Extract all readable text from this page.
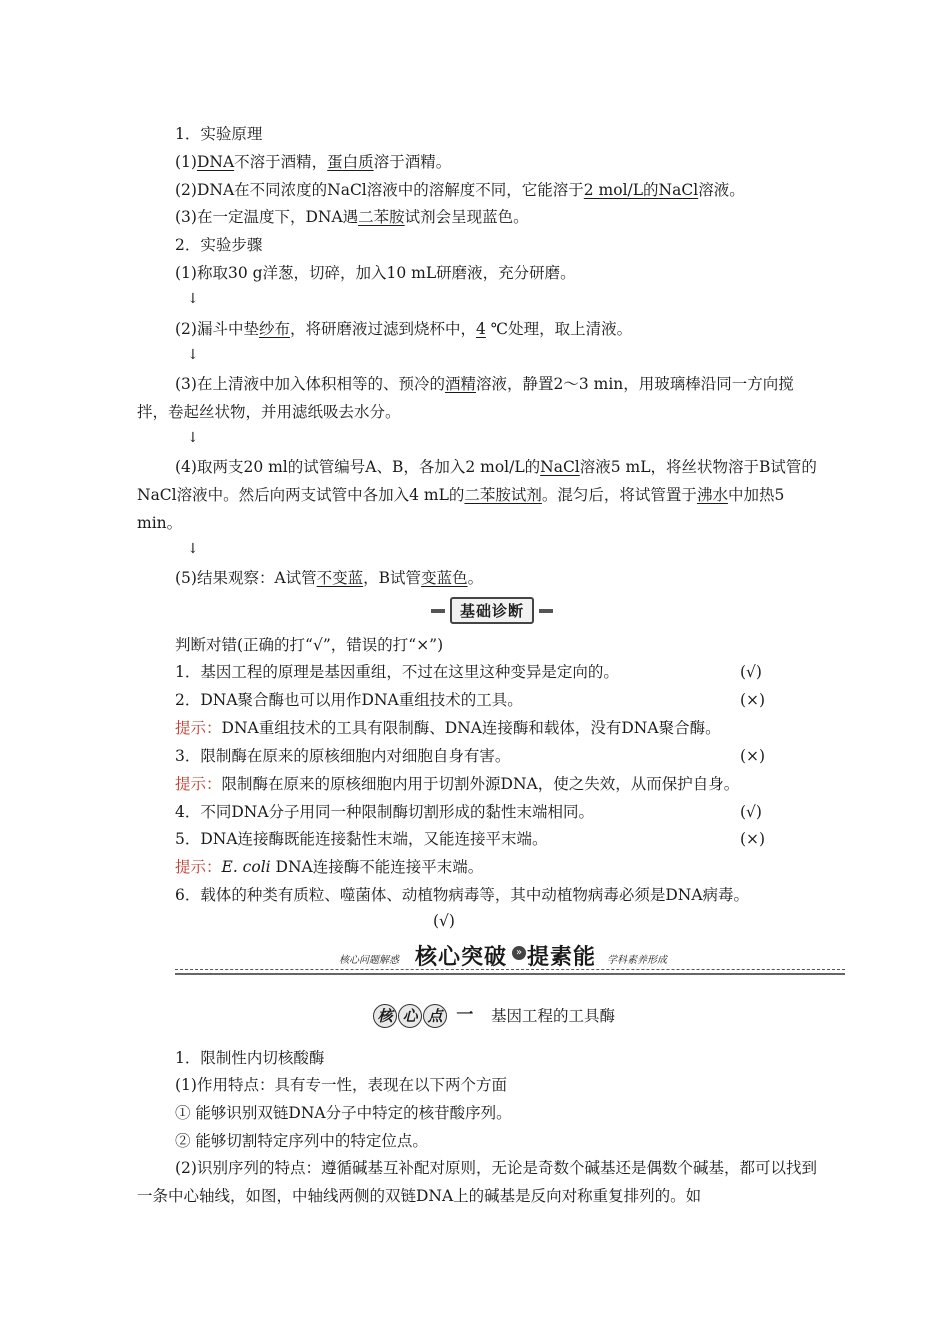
1．实验原理
(1)DNA不溶于酒精，蛋白质溶于酒精。
(2)DNA在不同浓度的NaCl溶液中的溶解度不同，它能溶于2 mol/L的NaCl溶液。
(3)在一定温度下，DNA遇二苯胺试剂会呈现蓝色。
2．实验步骤
(1)称取30 g洋葱，切碎，加入10 mL研磨液，充分研磨。
↓
(2)漏斗中垫纱布，将研磨液过滤到烧杯中，4 ℃处理，取上清液。
↓
(3)在上清液中加入体积相等的、预冷的酒精溶液，静置2～3 min，用玻璃棒沿同一方向搅拌，卷起丝状物，并用滤纸吸去水分。
↓
(4)取两支20 ml的试管编号A、B，各加入2 mol/L的NaCl溶液5 mL，将丝状物溶于B试管的NaCl溶液中。然后向两支试管中各加入4 mL的二苯胺试剂。混匀后，将试管置于沸水中加热5 min。
↓
(5)结果观察：A试管不变蓝，B试管变蓝色。
基础诊断
判断对错(正确的打“√”，错误的打“×”)
1．基因工程的原理是基因重组，不过在这里这种变异是定向的。	(√)
2．DNA聚合酶也可以用作DNA重组技术的工具。	(×)
提示：DNA重组技术的工具有限制酶、DNA连接酶和载体，没有DNA聚合酶。
3．限制酶在原来的原核细胞内对细胞自身有害。	(×)
提示：限制酶在原来的原核细胞内用于切割外源DNA，使之失效，从而保护自身。
4．不同DNA分子用同一种限制酶切割形成的黏性末端相同。	(√)
5．DNA连接酶既能连接黏性末端，又能连接平末端。	(×)
提示：E. coli DNA连接酶不能连接平末端。
6．载体的种类有质粒、噬菌体、动植物病毒等，其中动植物病毒必须是DNA病毒。
(√)
核心问题解惑 核心突破 » 提素能 学科素养形成
核 心 点 一	基因工程的工具酶
1．限制性内切核酸酶
(1)作用特点：具有专一性，表现在以下两个方面
① 能够识别双链DNA分子中特定的核苷酸序列。
② 能够切割特定序列中的特定位点。
(2)识别序列的特点：遵循碱基互补配对原则，无论是奇数个碱基还是偶数个碱基，都可以找到一条中心轴线，如图，中轴线两侧的双链DNA上的碱基是反向对称重复排列的。如
